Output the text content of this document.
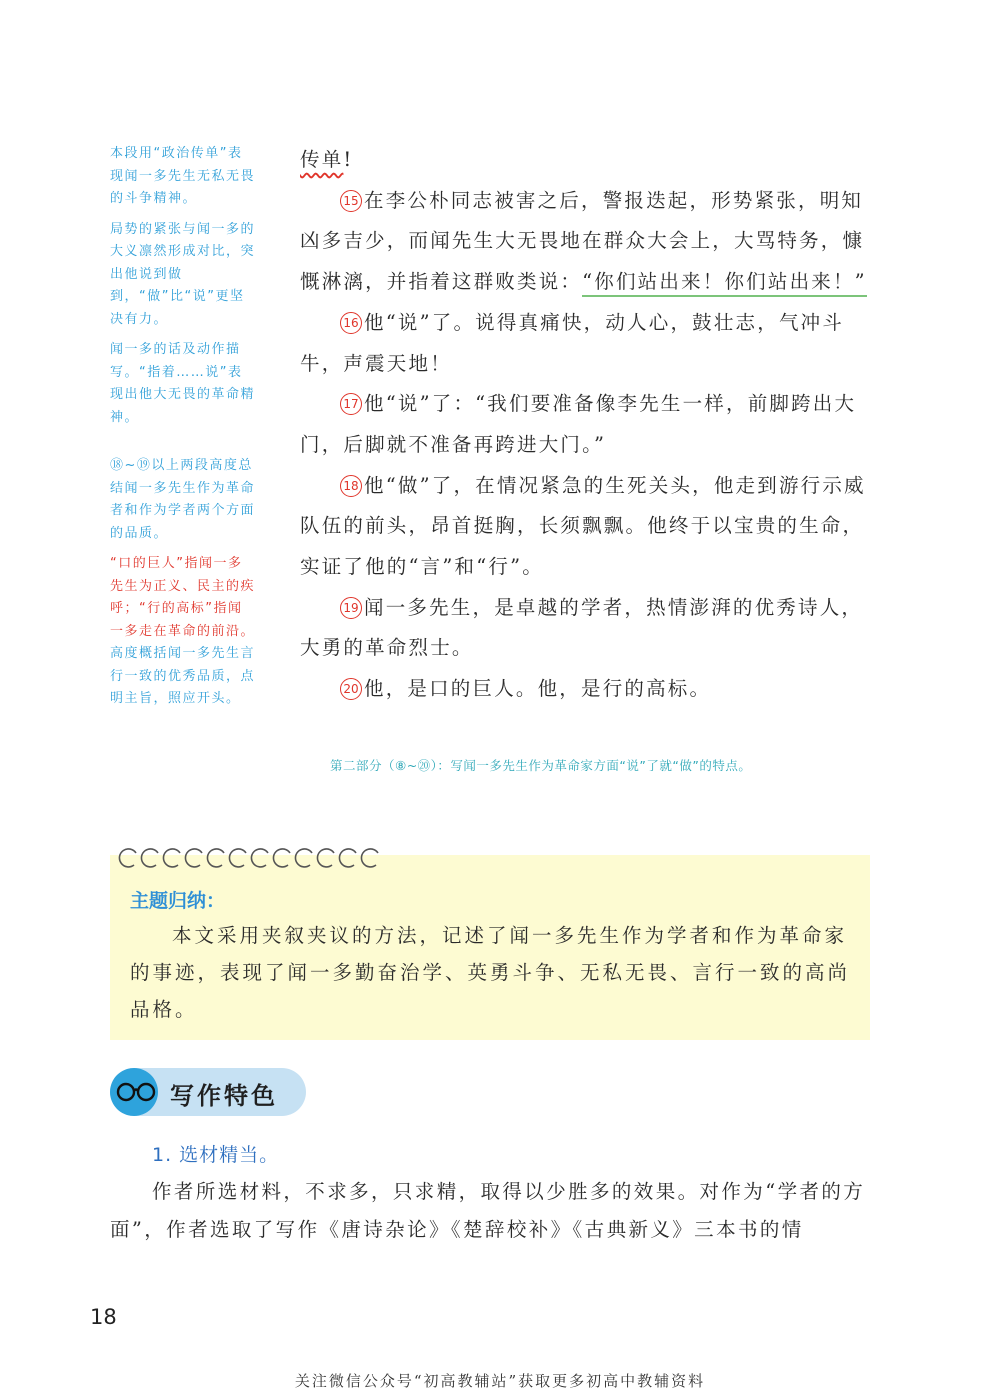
本段用“政治传单”表现闻一多先生无私无畏的斗争精神。

局势的紧张与闻一多的大义凛然形成对比，突出他说到做到，“做”比“说”更坚决有力。

闻一多的话及动作描写。“指着……说”表现出他大无畏的革命精神。

⑱~⑲以上两段高度总结闻一多先生作为革命者和作为学者两个方面的品质。

“口的巨人”指闻一多先生为正义、民主的疾呼；“行的高标”指闻一多走在革命的前沿。

高度概括闻一多先生言行一致的优秀品质，点明主旨，照应开头。

传单!

15 在李公朴同志被害之后，警报迭起，形势紧张，明知凶多吉少，而闻先生大无畏地在群众大会上，大骂特务，慷慨淋漓，并指着这群败类说：“你们站出来！你们站出来！”

16 他“说”了。说得真痛快，动人心，鼓壮志，气冲斗牛，声震天地！

17 他“说”了：“我们要准备像李先生一样，前脚跨出大门，后脚就不准备再跨进大门。”

18 他“做”了，在情况紧急的生死关头，他走到游行示威队伍的前头，昂首挺胸，长须飘飘。他终于以宝贵的生命，实证了他的“言”和“行”。

19 闻一多先生，是卓越的学者，热情澎湃的优秀诗人，大勇的革命烈士。

20 他，是口的巨人。他，是行的高标。

第二部分（⑧~⑳）：写闻一多先生作为革命家方面“说”了就“做”的特点。
主题归纳：

本文采用夹叙夹议的方法，记述了闻一多先生作为学者和作为革命家的事迹，表现了闻一多勤奋治学、英勇斗争、无私无畏、言行一致的高尚品格。

写作特色
1. 选材精当。

作者所选材料，不求多，只求精，取得以少胜多的效果。对作为“学者的方面”，作者选取了写作《唐诗杂论》《楚辞校补》《古典新义》三本书的情

18
关注微信公众号“初高教辅站”获取更多初高中教辅资料
